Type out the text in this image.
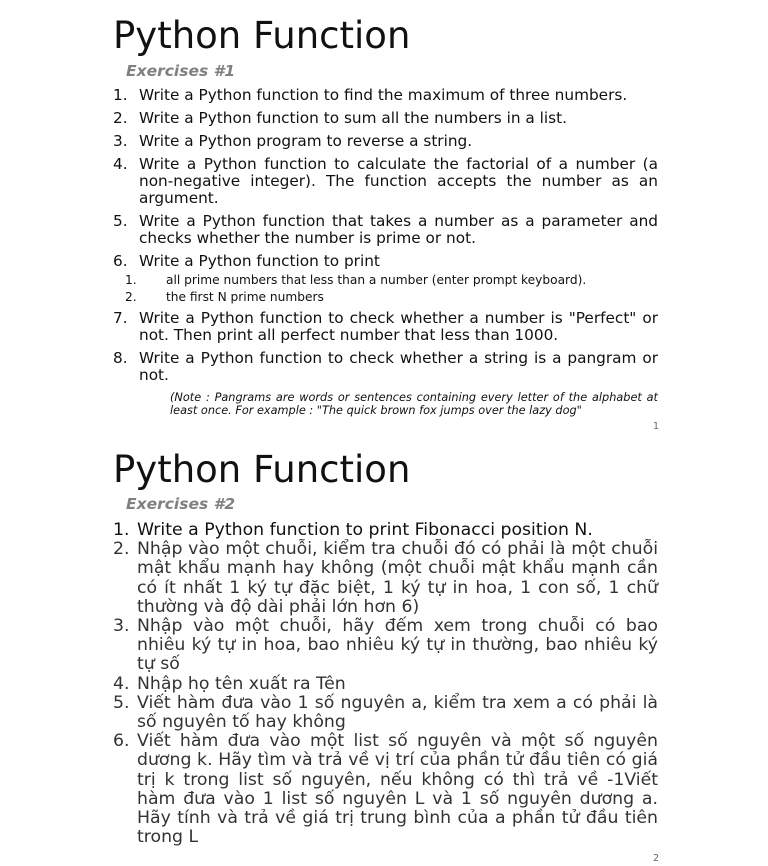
Python Function
Exercises #1
1. Write a Python function to find the maximum of three numbers.
2. Write a Python function to sum all the numbers in a list.
3. Write a Python program to reverse a string.
4. Write a Python function to calculate the factorial of a number (a non-negative integer). The function accepts the number as an argument.
5. Write a Python function that takes a number as a parameter and checks whether the number is prime or not.
6. Write a Python function to print
1. all prime numbers that less than a number (enter prompt keyboard).
2. the first N prime numbers
7. Write a Python function to check whether a number is "Perfect" or not. Then print all perfect number that less than 1000.
8. Write a Python function to check whether a string is a pangram or not.
(Note : Pangrams are words or sentences containing every letter of the alphabet at least once. For example : "The quick brown fox jumps over the lazy dog"
1
Python Function
Exercises #2
1. Write a Python function to print Fibonacci position N.
2. Nhập vào một chuỗi, kiểm tra chuỗi đó có phải là một chuỗi mật khẩu mạnh hay không (một chuỗi mật khẩu mạnh cần có ít nhất 1 ký tự đặc biệt, 1 ký tự in hoa, 1 con số, 1 chữ thường và độ dài phải lớn hơn 6)
3. Nhập vào một chuỗi, hãy đếm xem trong chuỗi có bao nhiêu ký tự in hoa, bao nhiêu ký tự in thường, bao nhiêu ký tự số
4. Nhập họ tên xuất ra Tên
5. Viết hàm đưa vào 1 số nguyên a, kiểm tra xem a có phải là số nguyên tố hay không
6. Viết hàm đưa vào một list số nguyên và một số nguyên dương k. Hãy tìm và trả về vị trí của phần tử đầu tiên có giá trị k trong list số nguyên, nếu không có thì trả về -1Viết hàm đưa vào 1 list số nguyên L và 1 số nguyên dương a. Hãy tính và trả về giá trị trung bình của a phần tử đầu tiên trong L
2
